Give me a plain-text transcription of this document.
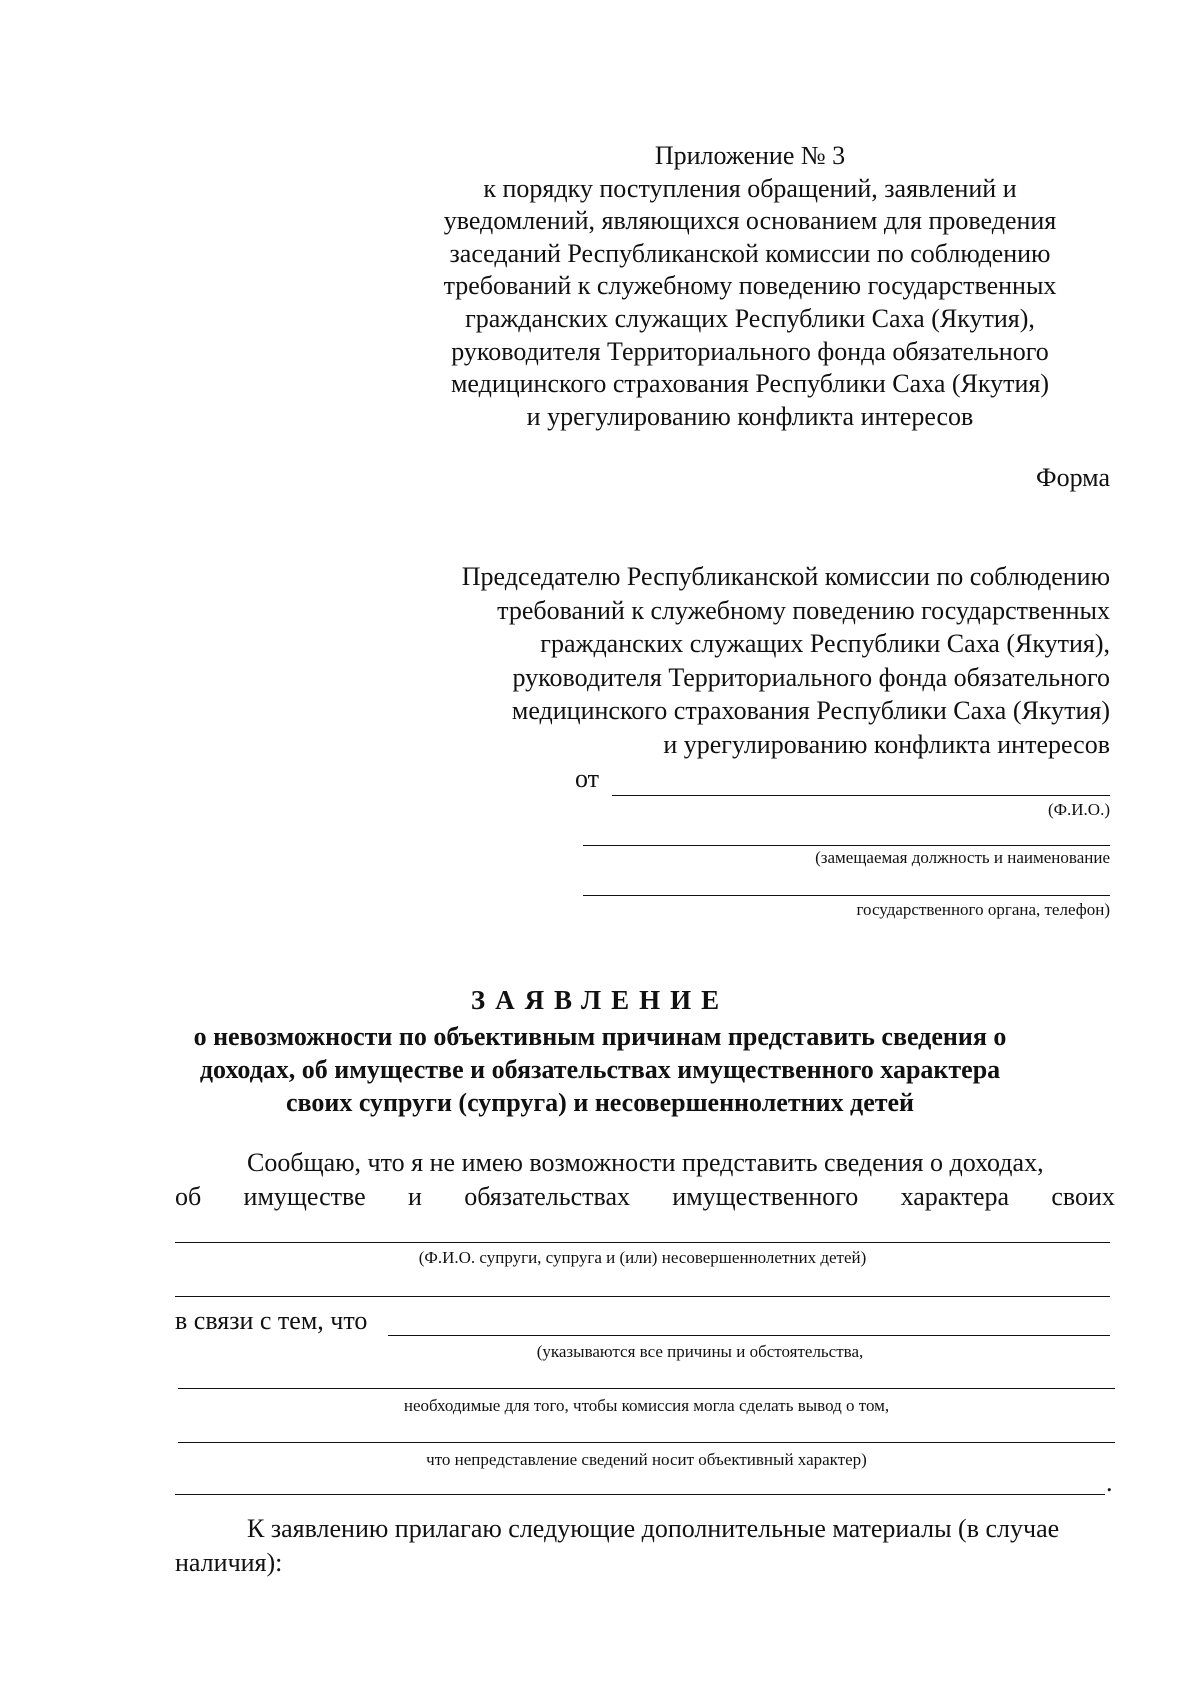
Приложение № 3
к порядку поступления обращений, заявлений и
уведомлений, являющихся основанием для проведения
заседаний Республиканской комиссии по соблюдению
требований к служебному поведению государственных
гражданских служащих Республики Саха (Якутия),
руководителя Территориального фонда обязательного
медицинского страхования Республики Саха (Якутия)
и урегулированию конфликта интересов
Форма
Председателю Республиканской комиссии по соблюдению
требований к служебному поведению государственных
гражданских служащих Республики Саха (Якутия),
руководителя Территориального фонда обязательного
медицинского страхования Республики Саха (Якутия)
и урегулированию конфликта интересов
от
(Ф.И.О.)
(замещаемая должность и наименование
государственного органа, телефон)
ЗАЯВЛЕНИЕ
о невозможности по объективным причинам представить сведения о
доходах, об имуществе и обязательствах имущественного характера
своих супруги (супруга) и несовершеннолетних детей
Сообщаю, что я не имею возможности представить сведения о доходах,
об имуществе и обязательствах имущественного характера своих
(Ф.И.О. супруги, супруга и (или) несовершеннолетних детей)
в связи с тем, что
(указываются все причины и обстоятельства,
необходимые для того, чтобы комиссия могла сделать вывод о том,
что непредставление сведений носит объективный характер)
.
К заявлению прилагаю следующие дополнительные материалы (в случае
наличия):
